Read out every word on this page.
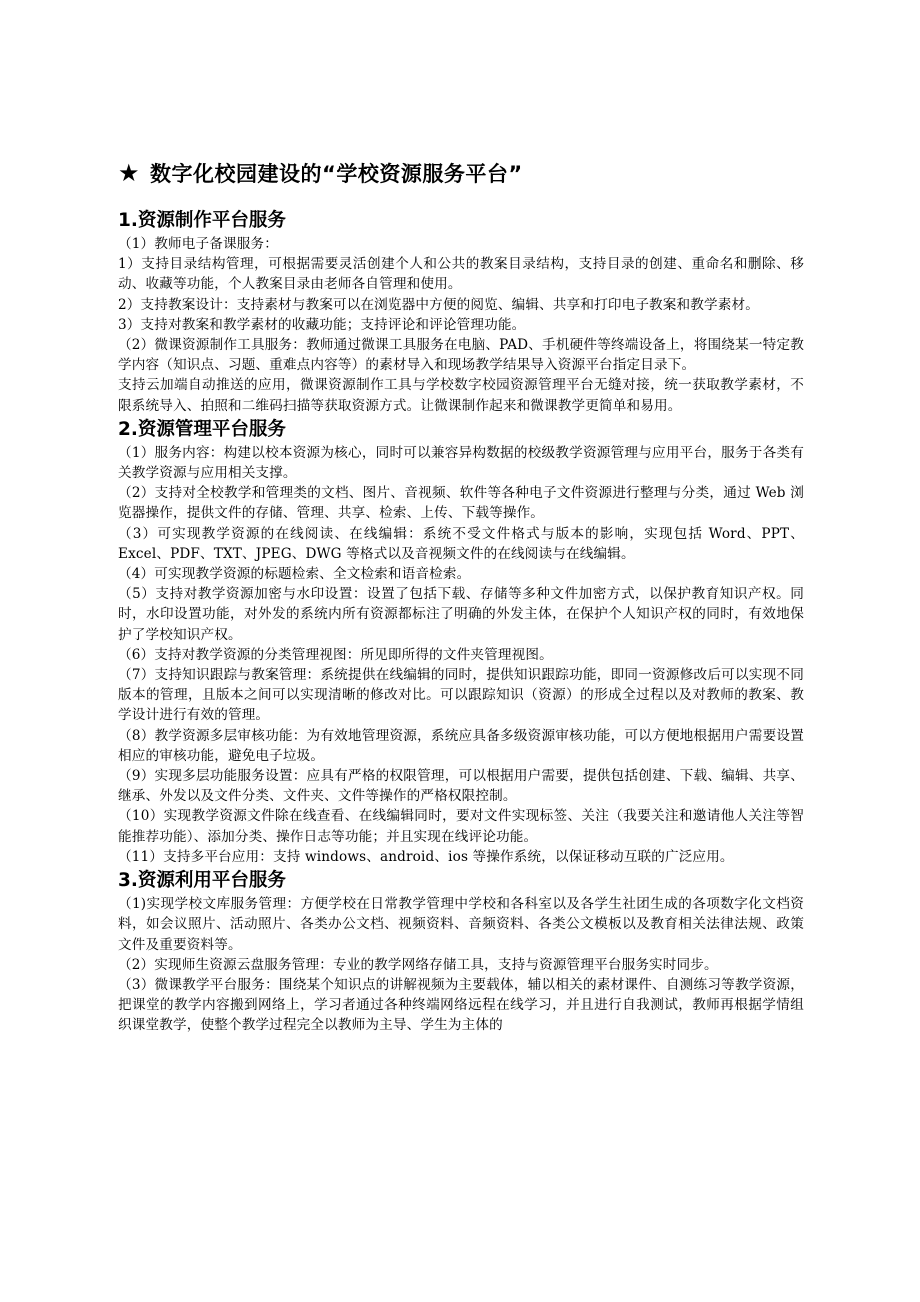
★ 数字化校园建设的“学校资源服务平台”
1.资源制作平台服务

（1）教师电子备课服务：

1）支持目录结构管理，可根据需要灵活创建个人和公共的教案目录结构，支持目录的创建、重命名和删除、移动、收藏等功能，个人教案目录由老师各自管理和使用。

2）支持教案设计：支持素材与教案可以在浏览器中方便的阅览、编辑、共享和打印电子教案和教学素材。

3）支持对教案和教学素材的收藏功能；支持评论和评论管理功能。

（2）微课资源制作工具服务：教师通过微课工具服务在电脑、PAD、手机硬件等终端设备上，将围绕某一特定教学内容（知识点、习题、重难点内容等）的素材导入和现场教学结果导入资源平台指定目录下。

支持云加端自动推送的应用，微课资源制作工具与学校数字校园资源管理平台无缝对接，统一获取教学素材，不限系统导入、拍照和二维码扫描等获取资源方式。让微课制作起来和微课教学更简单和易用。

2.资源管理平台服务

（1）服务内容：构建以校本资源为核心，同时可以兼容异构数据的校级教学资源管理与应用平台，服务于各类有关教学资源与应用相关支撑。

（2）支持对全校教学和管理类的文档、图片、音视频、软件等各种电子文件资源进行整理与分类，通过 Web 浏览器操作，提供文件的存储、管理、共享、检索、上传、下载等操作。

（3）可实现教学资源的在线阅读、在线编辑：系统不受文件格式与版本的影响，实现包括 Word、PPT、Excel、PDF、TXT、JPEG、DWG 等格式以及音视频文件的在线阅读与在线编辑。

（4）可实现教学资源的标题检索、全文检索和语音检索。

（5）支持对教学资源加密与水印设置：设置了包括下载、存储等多种文件加密方式，以保护教育知识产权。同时，水印设置功能，对外发的系统内所有资源都标注了明确的外发主体，在保护个人知识产权的同时，有效地保护了学校知识产权。

（6）支持对教学资源的分类管理视图：所见即所得的文件夹管理视图。

（7）支持知识跟踪与教案管理：系统提供在线编辑的同时，提供知识跟踪功能，即同一资源修改后可以实现不同版本的管理，且版本之间可以实现清晰的修改对比。可以跟踪知识（资源）的形成全过程以及对教师的教案、教学设计进行有效的管理。

（8）教学资源多层审核功能：为有效地管理资源，系统应具备多级资源审核功能，可以方便地根据用户需要设置相应的审核功能，避免电子垃圾。

（9）实现多层功能服务设置：应具有严格的权限管理，可以根据用户需要，提供包括创建、下载、编辑、共享、继承、外发以及文件分类、文件夹、文件等操作的严格权限控制。

（10）实现教学资源文件除在线查看、在线编辑同时，要对文件实现标签、关注（我要关注和邀请他人关注等智能推荐功能）、添加分类、操作日志等功能；并且实现在线评论功能。

（11）支持多平台应用：支持 windows、android、ios 等操作系统，以保证移动互联的广泛应用。

3.资源利用平台服务

（1)实现学校文库服务管理：方便学校在日常教学管理中学校和各科室以及各学生社团生成的各项数字化文档资料，如会议照片、活动照片、各类办公文档、视频资料、音频资料、各类公文模板以及教育相关法律法规、政策文件及重要资料等。

（2）实现师生资源云盘服务管理：专业的教学网络存储工具，支持与资源管理平台服务实时同步。

（3）微课教学平台服务：围绕某个知识点的讲解视频为主要载体，辅以相关的素材课件、自测练习等教学资源，把课堂的教学内容搬到网络上，学习者通过各种终端网络远程在线学习，并且进行自我测试，教师再根据学情组织课堂教学，使整个教学过程完全以教师为主导、学生为主体的
